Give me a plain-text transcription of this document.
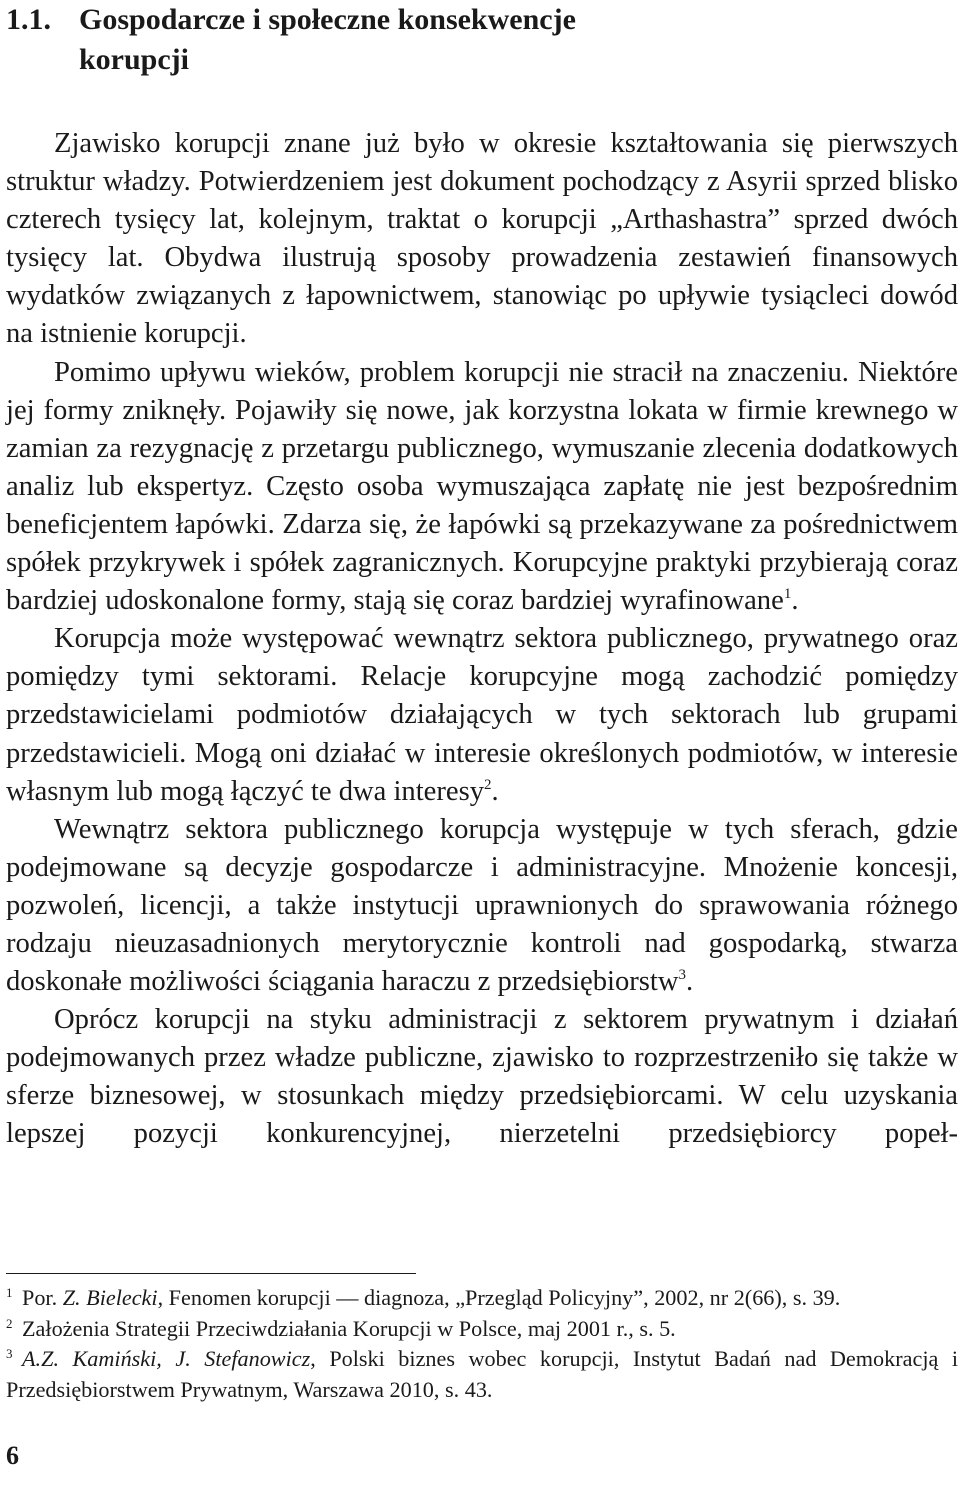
1.1. Gospodarcze i społeczne konsekwencje korupcji

Zjawisko korupcji znane już było w okresie kształtowania się pierwszych struktur władzy. Potwierdzeniem jest dokument pochodzący z Asyrii sprzed blisko czterech tysięcy lat, kolejnym, traktat o korupcji „Arthashastra” sprzed dwóch tysięcy lat. Obydwa ilustrują sposoby prowadzenia zestawień finansowych wydatków związanych z łapownictwem, stanowiąc po upływie tysiącleci dowód na istnienie korupcji.

Pomimo upływu wieków, problem korupcji nie stracił na znaczeniu. Niektóre jej formy zniknęły. Pojawiły się nowe, jak korzystna lokata w firmie krewnego w zamian za rezygnację z przetargu publicznego, wymuszanie zlecenia dodatkowych analiz lub ekspertyz. Często osoba wymuszająca zapłatę nie jest bezpośrednim beneficjentem łapówki. Zdarza się, że łapówki są przekazywane za pośrednictwem spółek przykrywek i spółek zagranicznych. Korupcyjne praktyki przybierają coraz bardziej udoskonalone formy, stają się coraz bardziej wyrafinowane$^1$.

Korupcja może występować wewnątrz sektora publicznego, prywatnego oraz pomiędzy tymi sektorami. Relacje korupcyjne mogą zachodzić pomiędzy przedstawicielami podmiotów działających w tych sektorach lub grupami przedstawicieli. Mogą oni działać w interesie określonych podmiotów, w interesie własnym lub mogą łączyć te dwa interesy$^2$.

Wewnątrz sektora publicznego korupcja występuje w tych sferach, gdzie podejmowane są decyzje gospodarcze i administracyjne. Mnożenie koncesji, pozwoleń, licencji, a także instytucji uprawnionych do sprawowania różnego rodzaju nieuzasadnionych merytorycznie kontroli nad gospodarką, stwarza doskonałe możliwości ściągania haraczu z przedsiębiorstw$^3$.

Oprócz korupcji na styku administracji z sektorem prywatnym i działań podejmowanych przez władze publiczne, zjawisko to rozprzestrzeniło się także w sferze biznesowej, w stosunkach między przedsiębiorcami. W celu uzyskania lepszej pozycji konkurencyjnej, nierzetelni przedsiębiorcy popeł-

1 Por. Z. Bielecki, Fenomen korupcji — diagnoza, „Przegląd Policyjny”, 2002, nr 2(66), s. 39.

2 Założenia Strategii Przeciwdziałania Korupcji w Polsce, maj 2001 r., s. 5.

3 A.Z. Kamiński, J. Stefanowicz, Polski biznes wobec korupcji, Instytut Badań nad Demokracją i Przedsiębiorstwem Prywatnym, Warszawa 2010, s. 43.

6
